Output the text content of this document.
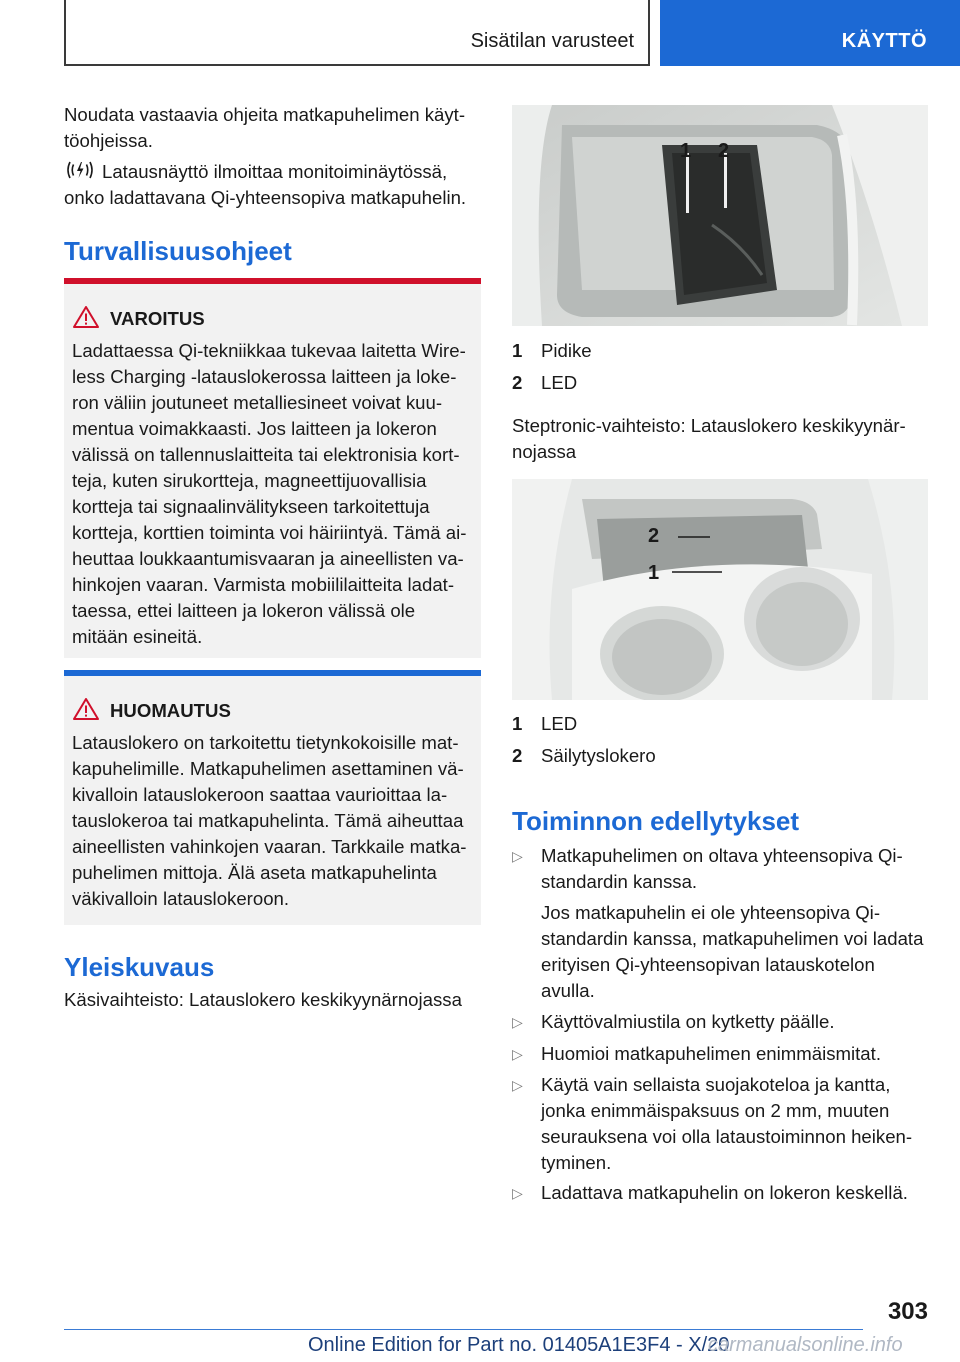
Sisätilan varusteet	KÄYTTÖ
Noudata vastaavia ohjeita matkapuhelimen käyt-
töohjeissa.
Latausnäyttö ilmoittaa monitoiminäytössä,
onko ladattavana Qi-yhteensopiva matkapuhelin.
Turvallisuusohjeet
VAROITUS
Ladattaessa Qi-tekniikkaa tukevaa laitetta Wire-
less Charging -latauslokerossa laitteen ja loke-
ron väliin joutuneet metalliesineet voivat kuu-
mentua voimakkaasti. Jos laitteen ja lokeron
välissä on tallennuslaitteita tai elektronisia kort-
teja, kuten sirukortteja, magneettijuovallisia
kortteja tai signaalinvälitykseen tarkoitettuja
kortteja, korttien toiminta voi häiriintyä. Tämä ai-
heuttaa loukkaantumisvaaran ja aineellisten va-
hinkojen vaaran. Varmista mobiililaitteita ladat-
taessa, ettei laitteen ja lokeron välissä ole
mitään esineitä.
HUOMAUTUS
Latauslokero on tarkoitettu tietynkokoisille mat-
kapuhelimille. Matkapuhelimen asettaminen vä-
kivalloin latauslokeroon saattaa vaurioittaa la-
tauslokeroa tai matkapuhelinta. Tämä aiheuttaa
aineellisten vahinkojen vaaran. Tarkkaile matka-
puhelimen mittoja. Älä aseta matkapuhelinta
väkivalloin latauslokeroon.
Yleiskuvaus
Käsivaihteisto: Latauslokero keskikyynärnojassa
1 2
1 Pidike
2 LED
Steptronic-vaihteisto: Latauslokero keskikyynär-
nojassa
2
1
1 LED
2 Säilytyslokero
Toiminnon edellytykset
▷ Matkapuhelimen on oltava yhteensopiva Qi-
standardin kanssa.
Jos matkapuhelin ei ole yhteensopiva Qi-
standardin kanssa, matkapuhelimen voi ladata
erityisen Qi-yhteensopivan latauskotelon
avulla.
▷ Käyttövalmiustila on kytketty päälle.
▷ Huomioi matkapuhelimen enimmäismitat.
▷ Käytä vain sellaista suojakoteloa ja kantta,
jonka enimmäispaksuus on 2 mm, muuten
seurauksena voi olla lataustoiminnon heiken-
tyminen.
▷ Ladattava matkapuhelin on lokeron keskellä.
303
Online Edition for Part no. 01405A1E3F4 - X/20
carmanualsonline.info
